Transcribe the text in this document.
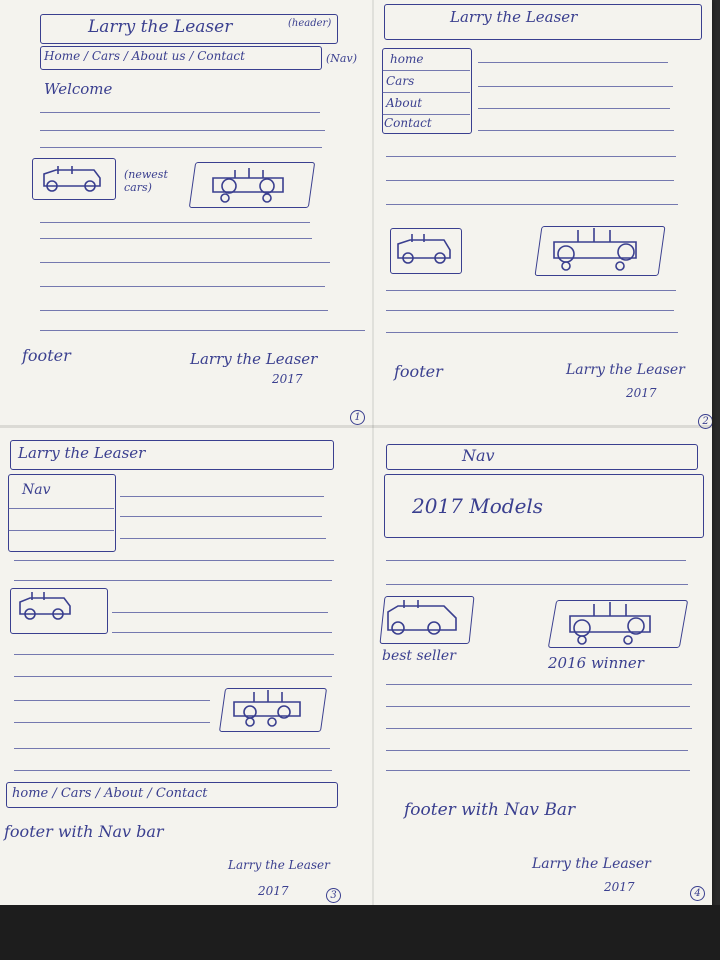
Larry the Leaser	(header)
Home / Cars / About us / Contact	(Nav)
Welcome
(newest cars)
footer	Larry the Leaser
2017
1
Larry the Leaser
home
Cars
About
Contact
footer	Larry the Leaser
2017
2
Larry the Leaser
Nav
home / Cars / About / Contact
footer with Nav bar
Larry the Leaser
2017	3
Nav
2017 Models
best seller	2016 winner
footer with Nav Bar
Larry the Leaser
2017	4
